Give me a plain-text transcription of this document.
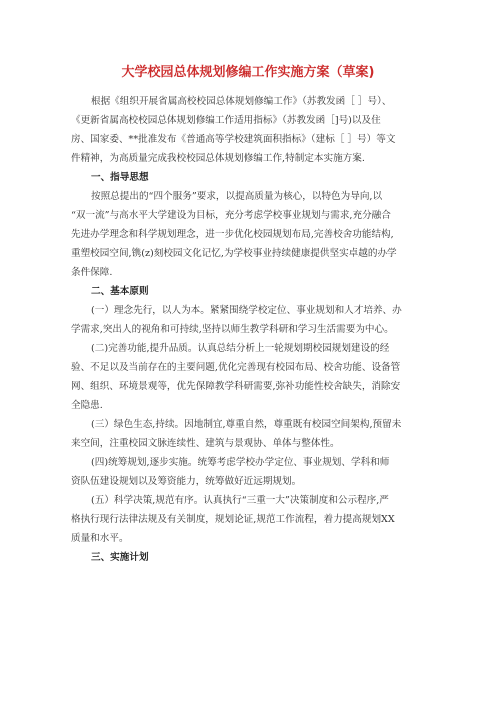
大学校园总体规划修编工作实施方案（草案)
根据《组织开展省属高校校园总体规划修编工作》（苏教发函［ ］号）、
《更新省属高校校园总体规划修编工作适用指标》（苏教发函［]号)以及住
房、国家委、**批准发布《普通高等学校建筑面积指标》（建标［ ］号）等文
件精神，为高质量完成我校校园总体规划修编工作,特制定本实施方案.
一、指导思想
按照总提出的“四个服务”要求，以提高质量为核心，以特色为导向,以
“双一流”与高水平大学建设为目标，充分考虑学校事业规划与需求,充分融合
先进办学理念和科学规划理念，进一步优化校园规划布局,完善校舍功能结构,
重塑校园空间,镌(z)刻校园文化记忆,为学校事业持续健康提供坚实卓越的办学
条件保障.
二、基本原则
(一）理念先行，以人为本。紧紧围绕学校定位、事业规划和人才培养、办
学需求,突出人的视角和可持续,坚持以师生教学科研和学习生活需要为中心。
(二)完善功能,提升品质。认真总结分析上一轮规划期校园规划建设的经
验、不足以及当前存在的主要问题,优化完善现有校园布局、校舍功能、设备管
网、组织、环境景观等，优先保障教学科研需要,弥补功能性校舍缺失，消除安
全隐患.
(三）绿色生态,持续。因地制宜,尊重自然，尊重既有校园空间架构,预留未
来空间，注重校园文脉连续性、建筑与景观协、单体与整体性。
(四)统筹规划,逐步实施。统筹考虑学校办学定位、事业规划、学科和师
资队伍建设规划以及筹资能力，统筹做好近远期规划。
(五）科学决策,规范有序。认真执行“三重一大”决策制度和公示程序,严
格执行现行法律法规及有关制度，规划论证,规范工作流程，着力提高规划XX
质量和水平。
三、实施计划
